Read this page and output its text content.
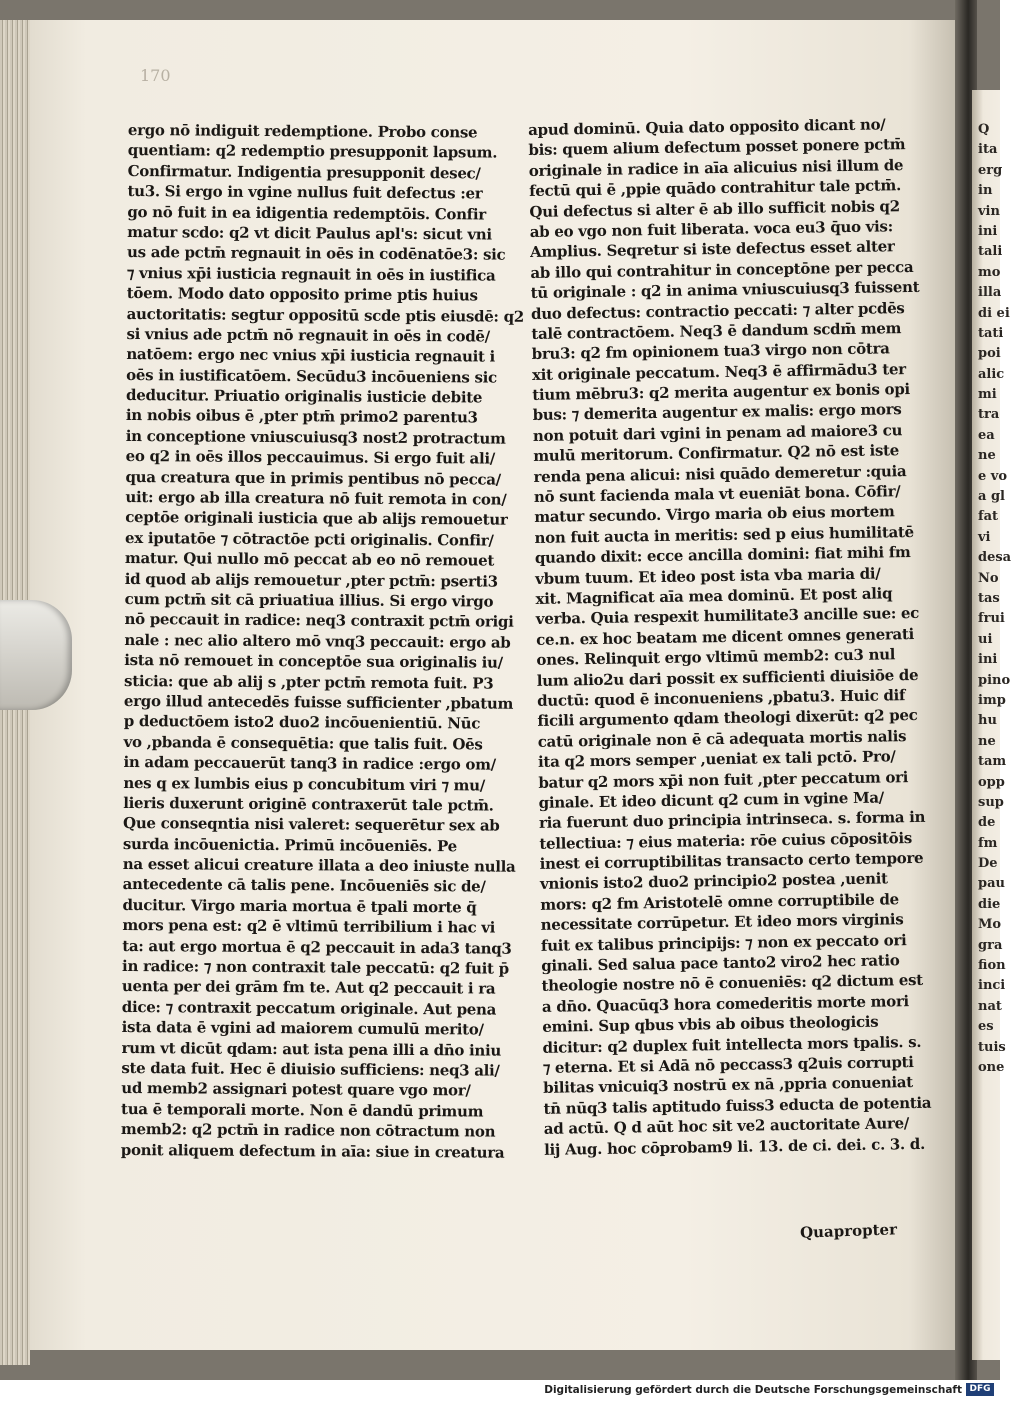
170
ergo nō indiguit redemptione. Probo conse
quentiam: q2 redemptio presupponit lapsum.
Confirmatur. Indigentia presupponit desec/
tu3. Si ergo in vgine nullus fuit defectus :er
go nō fuit in ea idigentia redemptōis. Confir
matur scdo: q2 vt dicit Paulus apl's: sicut vni
us ade pctm̄ regnauit in oēs in codēnatōe3: sic
⁊ vnius xp̄i iusticia regnauit in oēs in iustifica
tōem. Modo dato opposito prime ptis huius
auctoritatis: segtur oppositū scde ptis eiusdē: q2
si vnius ade pctm̄ nō regnauit in oēs in codē/
natōem: ergo nec vnius xp̄i iusticia regnauit i
oēs in iustificatōem. Secūdu3 incōueniens sic
deducitur. Priuatio originalis iusticie debite
in nobis oibus ē ,pter ptm̄ primo2 parentu3
in conceptione vniuscuiusq3 nost2 protractum
eo q2 in oēs illos peccauimus. Si ergo fuit ali/
qua creatura que in primis pentibus nō pecca/
uit: ergo ab illa creatura nō fuit remota in con/
ceptōe originali iusticia que ab alijs remouetur
ex iputatōe ⁊ cōtractōe pcti originalis. Confir/
matur. Qui nullo mō peccat ab eo nō remouet
id quod ab alijs remouetur ,pter pctm̄: pserti3
cum pctm̄ sit cā priuatiua illius. Si ergo virgo
nō peccauit in radice: neq3 contraxit pctm̄ origi
nale : nec alio altero mō vnq3 peccauit: ergo ab
ista nō remouet in conceptōe sua originalis iu/
sticia: que ab alij s ,pter pctm̄ remota fuit. P3
ergo illud antecedēs fuisse sufficienter ,pbatum
p deductōem isto2 duo2 incōuenientiū. Nūc
vo ,pbanda ē consequētia: que talis fuit. Oēs
in adam peccauerūt tanq3 in radice :ergo om/
nes q ex lumbis eius p concubitum viri ⁊ mu/
lieris duxerunt originē contraxerūt tale pctm̄.
Que conseqntia nisi valeret: sequerētur sex ab
surda incōuenictia. Primū incōueniēs. Pe
na esset alicui creature illata a deo iniuste nulla
antecedente cā talis pene. Incōueniēs sic de/
ducitur. Virgo maria mortua ē tpali morte q̄
mors pena est: q2 ē vltimū terribilium i hac vi
ta: aut ergo mortua ē q2 peccauit in ada3 tanq3
in radice: ⁊ non contraxit tale peccatū: q2 fuit p̄
uenta per dei grām fm te. Aut q2 peccauit i ra
dice: ⁊ contraxit peccatum originale. Aut pena
ista data ē vgini ad maiorem cumulū merito/
rum vt dicūt qdam: aut ista pena illi a dn̄o iniu
ste data fuit. Hec ē diuisio sufficiens: neq3 ali/
ud memb2 assignari potest quare vgo mor/
tua ē temporali morte. Non ē dandū primum
memb2: q2 pctm̄ in radice non cōtractum non
ponit aliquem defectum in aīa: siue in creatura
apud dominū. Quia dato opposito dicant no/
bis: quem alium defectum posset ponere pctm̄
originale in radice in aīa alicuius nisi illum de
fectū qui ē ,ppie quādo contrahitur tale pctm̄.
Qui defectus si alter ē ab illo sufficit nobis q2
ab eo vgo non fuit liberata. voca eu3 q̄uo vis:
Amplius. Seqretur si iste defectus esset alter
ab illo qui contrahitur in conceptōne per pecca
tū originale : q2 in anima vniuscuiusq3 fuissent
duo defectus: contractio peccati: ⁊ alter pcdēs
talē contractōem. Neq3 ē dandum scdm̄ mem
bru3: q2 fm opinionem tua3 virgo non cōtra
xit originale peccatum. Neq3 ē affirmādu3 ter
tium mēbru3: q2 merita augentur ex bonis opi
bus: ⁊ demerita augentur ex malis: ergo mors
non potuit dari vgini in penam ad maiore3 cu
mulū meritorum. Confirmatur. Q2 nō est iste
renda pena alicui: nisi quādo demeretur :quia
nō sunt facienda mala vt eueniāt bona. Cōfir/
matur secundo. Virgo maria ob eius mortem
non fuit aucta in meritis: sed p eius humilitatē
quando dixit: ecce ancilla domini: fiat mihi fm
vbum tuum. Et ideo post ista vba maria di/
xit. Magnificat aīa mea dominū. Et post aliq
verba. Quia respexit humilitate3 ancille sue: ec
ce.n. ex hoc beatam me dicent omnes generati
ones. Relinquit ergo vltimū memb2: cu3 nul
lum alio2u dari possit ex sufficienti diuisiōe de
ductū: quod ē inconueniens ,pbatu3. Huic dif
ficili argumento qdam theologi dixerūt: q2 pec
catū originale non ē cā adequata mortis nalis
ita q2 mors semper ,ueniat ex tali pctō. Pro/
batur q2 mors xp̄i non fuit ,pter peccatum ori
ginale. Et ideo dicunt q2 cum in vgine Ma/
ria fuerunt duo principia intrinseca. s. forma in
tellectiua: ⁊ eius materia: rōe cuius cōpositōis
inest ei corruptibilitas transacto certo tempore
vnionis isto2 duo2 principio2 postea ,uenit
mors: q2 fm Aristotelē omne corruptibile de
necessitate corrūpetur. Et ideo mors virginis
fuit ex talibus principijs: ⁊ non ex peccato ori
ginali. Sed salua pace tanto2 viro2 hec ratio
theologie nostre nō ē conueniēs: q2 dictum est
a dn̄o. Quacūq3 hora comederitis morte mori
emini. Sup qbus vbis ab oibus theologicis
dicitur: q2 duplex fuit intellecta mors tpalis. s.
⁊ eterna. Et si Adā nō peccass3 q2uis corrupti
bilitas vnicuiq3 nostrū ex nā ,ppria conueniat
tn̄ nūq3 talis aptitudo fuiss3 educta de potentia
ad actū. Q d aūt hoc sit ve2 auctoritate Aure/
lij Aug. hoc cōprobam9 li. 13. de ci. dei. c. 3. d.
Quapropter
Q
ita
erg
in
vin
ini
tali
mo
illa
di ei
tati
poi
alic
mi
tra
ea
ne
e vo
a gl
fat
vi
desa
No
tas
frui
ui
ini
pino
imp
hu
ne
tam
opp
sup
de
fm
De
pau
die
Mo
gra
fion
inci
nat
es
tuis
one
Digitalisierung gefördert durch die Deutsche Forschungsgemeinschaft DFG
